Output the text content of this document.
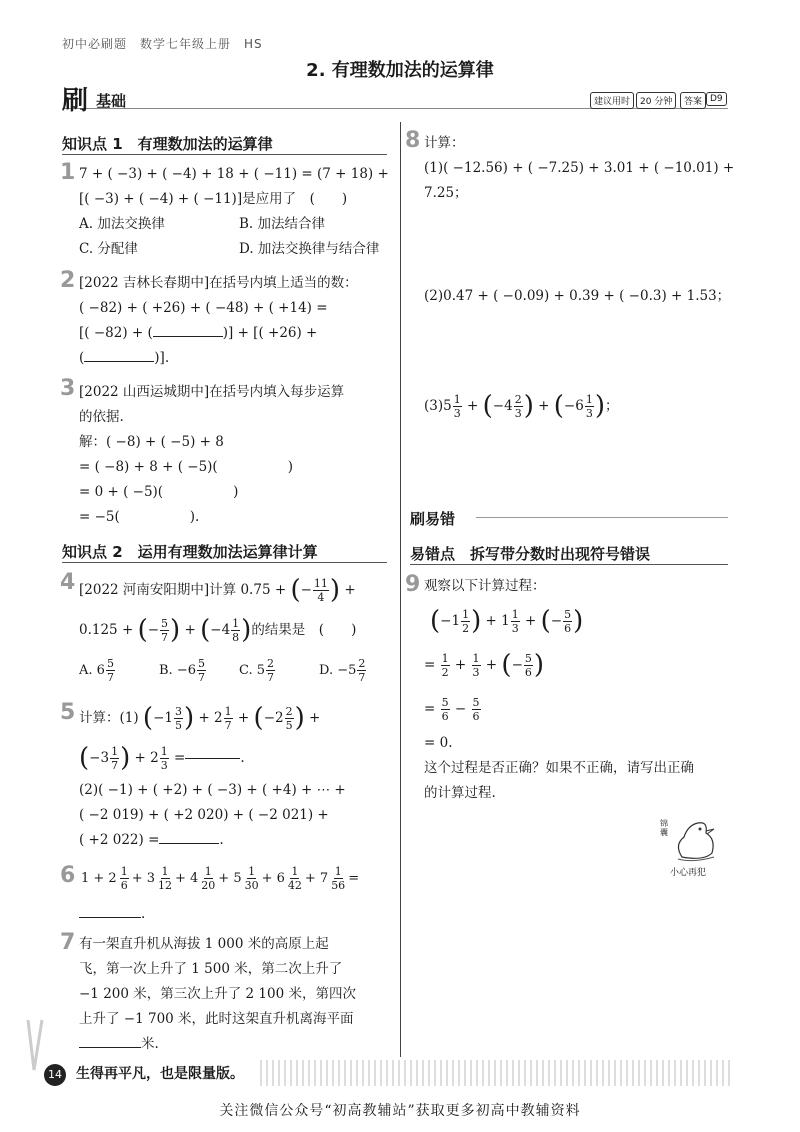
初中必刷题　数学七年级上册　HS
2. 有理数加法的运算律
刷 基础	建议用时	20 分钟	答案 D9
知识点 1　有理数加法的运算律
1 7 + ( −3) + ( −4) + 18 + ( −11) = (7 + 18) +
[( −3) + ( −4) + ( −11)]是应用了　(　　)
A. 加法交换律	B. 加法结合律
C. 分配律	D. 加法交换律与结合律
2 [2022 吉林长春期中]在括号内填上适当的数：
( −82) + ( +26) + ( −48) + ( +14) =
[( −82) + (	)] + [( +26) +
(	)].
3 [2022 山西运城期中]在括号内填入每步运算
的依据.
解：( −8) + ( −5) + 8
= ( −8) + 8 + ( −5)(	)
= 0 + ( −5)(	)
= −5(	).
知识点 2　运用有理数加法运算律计算
4 [2022 河南安阳期中]计算 0.75 +
( − $\frac{11}{4}$ ) +
0.125 +
( − $\frac{5}{7}$ ) + ( − $4 \frac{1}{8}$ ) 的结果是　(　　)
A. $6 \frac{5}{7}$	B. $-6 \frac{5}{7}$	C. $5 \frac{2}{7}$	D. $-5 \frac{2}{7}$
5 计算：(1)
( $-1 \frac{3}{5}$ )
+ $2 \frac{1}{7}$ + ( $-2 \frac{2}{5}$ ) +
( $-3 \frac{1}{7}$ )
+ $2 \frac{1}{3}$
=	.
(2)( −1) + ( +2) + ( −3) + ( +4) + ⋯ +
( −2 019) + ( +2 020) + ( −2 021) +
( +2 022) =	.
6 $1 + 2 \frac{1}{6} + 3 \frac{1}{12} + 4 \frac{1}{20} + 5 \frac{1}{30} + 6 \frac{1}{42} + 7 \frac{1}{56}$ =
.
7 有一架直升机从海拔 1 000 米的高原上起
飞，第一次上升了 1 500 米，第二次上升了
−1 200 米，第三次上升了 2 100 米，第四次
上升了 −1 700 米，此时这架直升机离海平面
米.
8 计算：
(1)( −12.56) + ( −7.25) + 3.01 + ( −10.01) +
7.25；
(2)0.47 + ( −0.09) + 0.39 + ( −0.3) + 1.53；
$(3)5 \frac{1}{3}$ + ( $-4 \frac{2}{3}$ ) + ( $-6 \frac{1}{3}$ ) ；
刷易错
易错点　拆写带分数时出现符号错误
9 观察以下计算过程：
( $-1 \frac{1}{2}$ )
+ $1 \frac{1}{3}$
+
( − $\frac{5}{6}$ )
= $\frac{1}{2} + \frac{1}{3}$ + ( − $\frac{5}{6}$ )
= $\frac{5}{6} - \frac{5}{6}$
= 0.
这个过程是否正确？如果不正确，请写出正确
的计算过程.
锦囊
小心再犯
14 生得再平凡，也是限量版。
关注微信公众号“初高教辅站”获取更多初高中教辅资料
